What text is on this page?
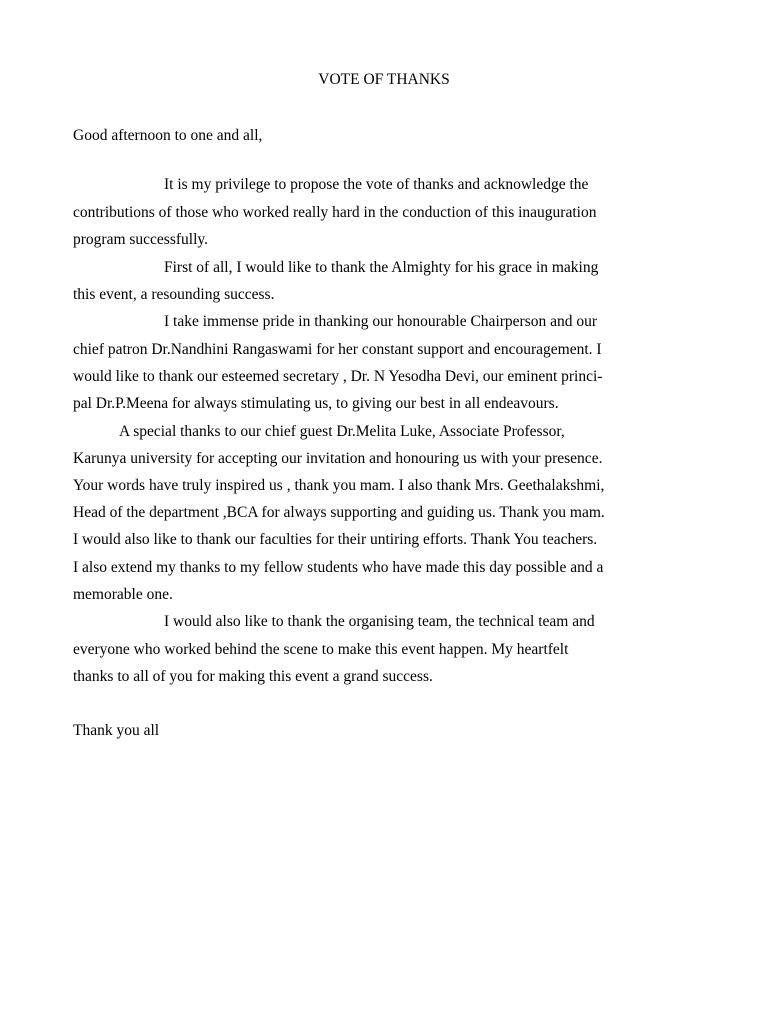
VOTE OF THANKS

Good afternoon to one and all,

It is my privilege to propose the vote of thanks and acknowledge the

contributions of those who worked really hard in the conduction of this inauguration

program successfully.

First of all, I would like to thank the Almighty for his grace in making

this event, a resounding success.

I take immense pride in thanking our honourable Chairperson and our

chief patron Dr.Nandhini Rangaswami for her constant support and encouragement. I

would like to thank our esteemed secretary , Dr. N Yesodha Devi, our eminent princi-

pal Dr.P.Meena for always stimulating us, to giving our best in all endeavours.

A special thanks to our chief guest Dr.Melita Luke, Associate Professor,

Karunya university for accepting our invitation and honouring us with your presence.

Your words have truly inspired us , thank you mam. I also thank Mrs. Geethalakshmi,

Head of the department ,BCA for always supporting and guiding us. Thank you mam.

I would also like to thank our faculties for their untiring efforts. Thank You teachers.

I also extend my thanks to my fellow students who have made this day possible and a

memorable one.

I would also like to thank the organising team, the technical team and

everyone who worked behind the scene to make this event happen. My heartfelt

thanks to all of you for making this event a grand success.

Thank you all
